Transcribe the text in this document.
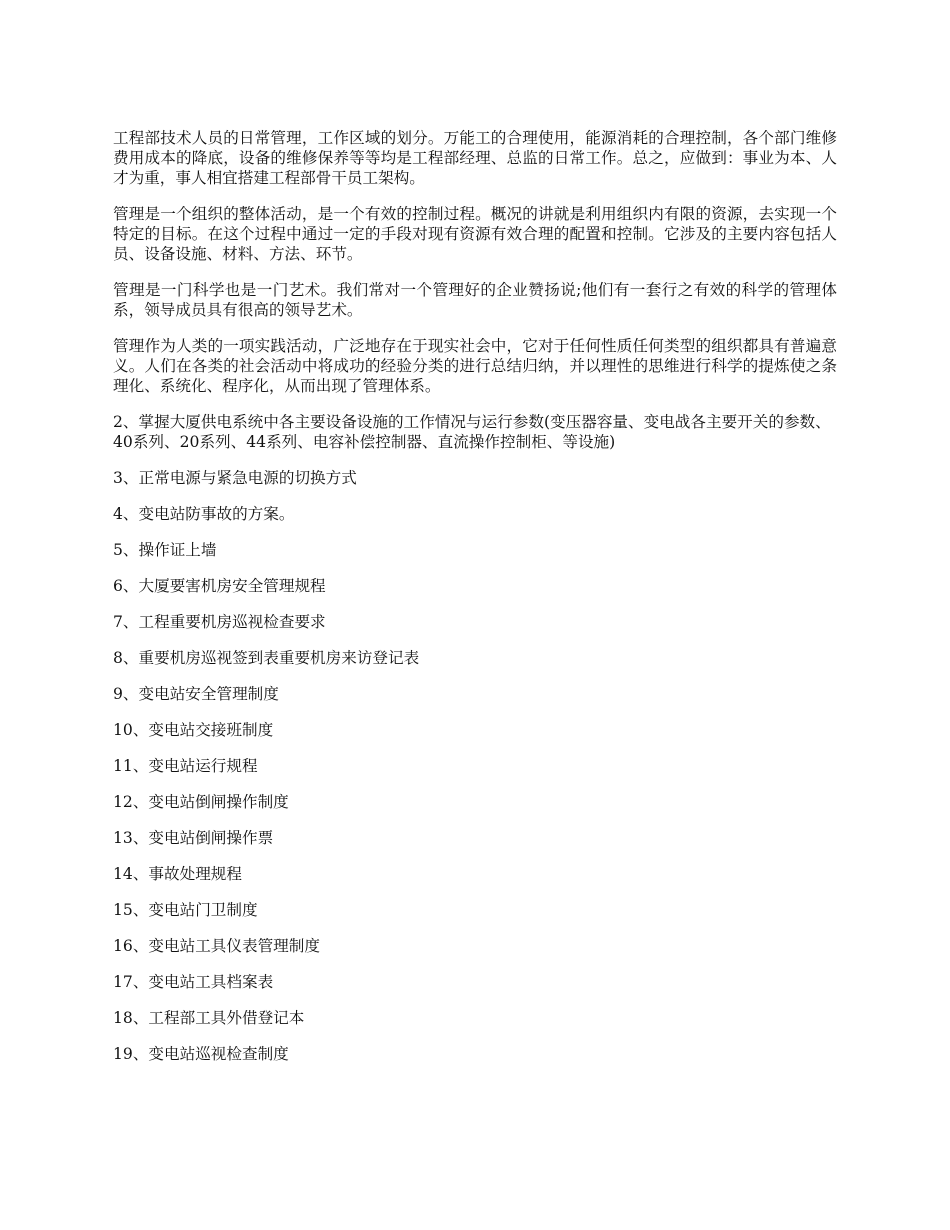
工程部技术人员的日常管理，工作区域的划分。万能工的合理使用，能源消耗的合理控制，各个部门维修费用成本的降底，设备的维修保养等等均是工程部经理、总监的日常工作。总之，应做到：事业为本、人才为重，事人相宜搭建工程部骨干员工架构。

管理是一个组织的整体活动，是一个有效的控制过程。概况的讲就是利用组织内有限的资源，去实现一个特定的目标。在这个过程中通过一定的手段对现有资源有效合理的配置和控制。它涉及的主要内容包括人员、设备设施、材料、方法、环节。

管理是一门科学也是一门艺术。我们常对一个管理好的企业赞扬说;他们有一套行之有效的科学的管理体系，领导成员具有很高的领导艺术。

管理作为人类的一项实践活动，广泛地存在于现实社会中，它对于任何性质任何类型的组织都具有普遍意义。人们在各类的社会活动中将成功的经验分类的进行总结归纳，并以理性的思维进行科学的提炼使之条理化、系统化、程序化，从而出现了管理体系。

2、掌握大厦供电系统中各主要设备设施的工作情况与运行参数(变压器容量、变电战各主要开关的参数、40系列、20系列、44系列、电容补偿控制器、直流操作控制柜、等设施)
3、正常电源与紧急电源的切换方式
4、变电站防事故的方案。
5、操作证上墙
6、大厦要害机房安全管理规程
7、工程重要机房巡视检查要求
8、重要机房巡视签到表重要机房来访登记表
9、变电站安全管理制度
10、变电站交接班制度
11、变电站运行规程
12、变电站倒闸操作制度
13、变电站倒闸操作票
14、事故处理规程
15、变电站门卫制度
16、变电站工具仪表管理制度
17、变电站工具档案表
18、工程部工具外借登记本
19、变电站巡视检查制度
